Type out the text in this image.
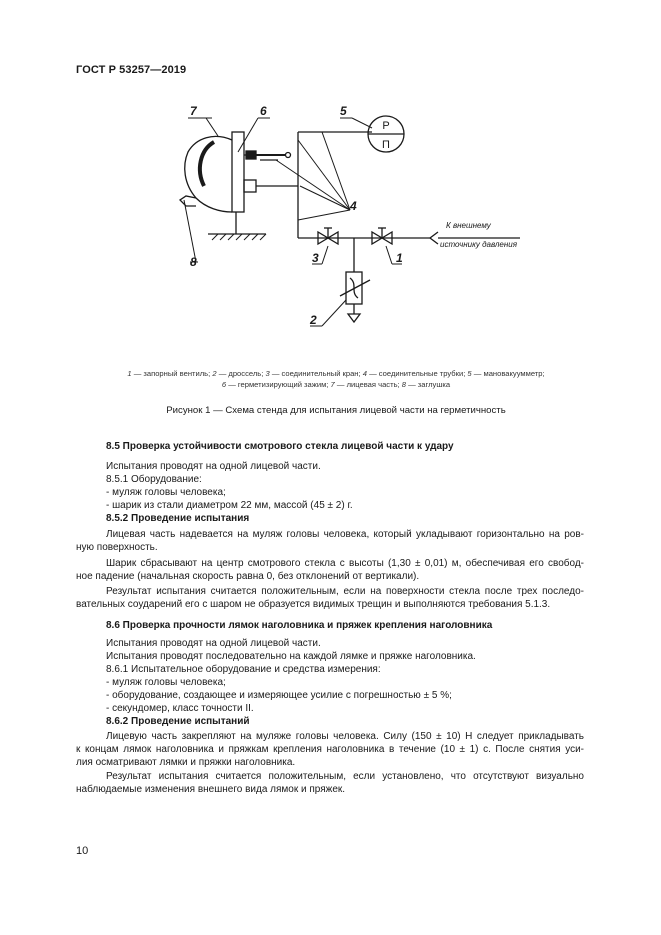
ГОСТ Р 53257—2019
7	6	5
4
3	1
2
8
Р
П
К внешнему
источнику давления
1 — запорный вентиль; 2 — дроссель; 3 — соединительный кран; 4 — соединительные трубки; 5 — мановакуумметр;
6 — герметизирующий зажим; 7 — лицевая часть; 8 — заглушка
Рисунок 1 — Схема стенда для испытания лицевой части на герметичность
8.5 Проверка устойчивости смотрового стекла лицевой части к удару
Испытания проводят на одной лицевой части.
8.5.1 Оборудование:
- муляж головы человека;
- шарик из стали диаметром 22 мм, массой (45 ± 2) г.
8.5.2 Проведение испытания
Лицевая часть надевается на муляж головы человека, который укладывают горизонтально на ров-
ную поверхность.
Шарик сбрасывают на центр смотрового стекла с высоты (1,30 ± 0,01) м, обеспечивая его свобод-
ное падение (начальная скорость равна 0, без отклонений от вертикали).
Результат испытания считается положительным, если на поверхности стекла после трех последо-
вательных соударений его с шаром не образуется видимых трещин и выполняются требования 5.1.3.
8.6 Проверка прочности лямок наголовника и пряжек крепления наголовника
Испытания проводят на одной лицевой части.
Испытания проводят последовательно на каждой лямке и пряжке наголовника.
8.6.1 Испытательное оборудование и средства измерения:
- муляж головы человека;
- оборудование, создающее и измеряющее усилие с погрешностью ± 5 %;
- секундомер, класс точности II.
8.6.2 Проведение испытаний
Лицевую часть закрепляют на муляже головы человека. Силу (150 ± 10) Н следует прикладывать
к концам лямок наголовника и пряжкам крепления наголовника в течение (10 ± 1) с. После снятия уси-
лия осматривают лямки и пряжки наголовника.
Результат испытания считается положительным, если установлено, что отсутствуют визуально
наблюдаемые изменения внешнего вида лямок и пряжек.
10
